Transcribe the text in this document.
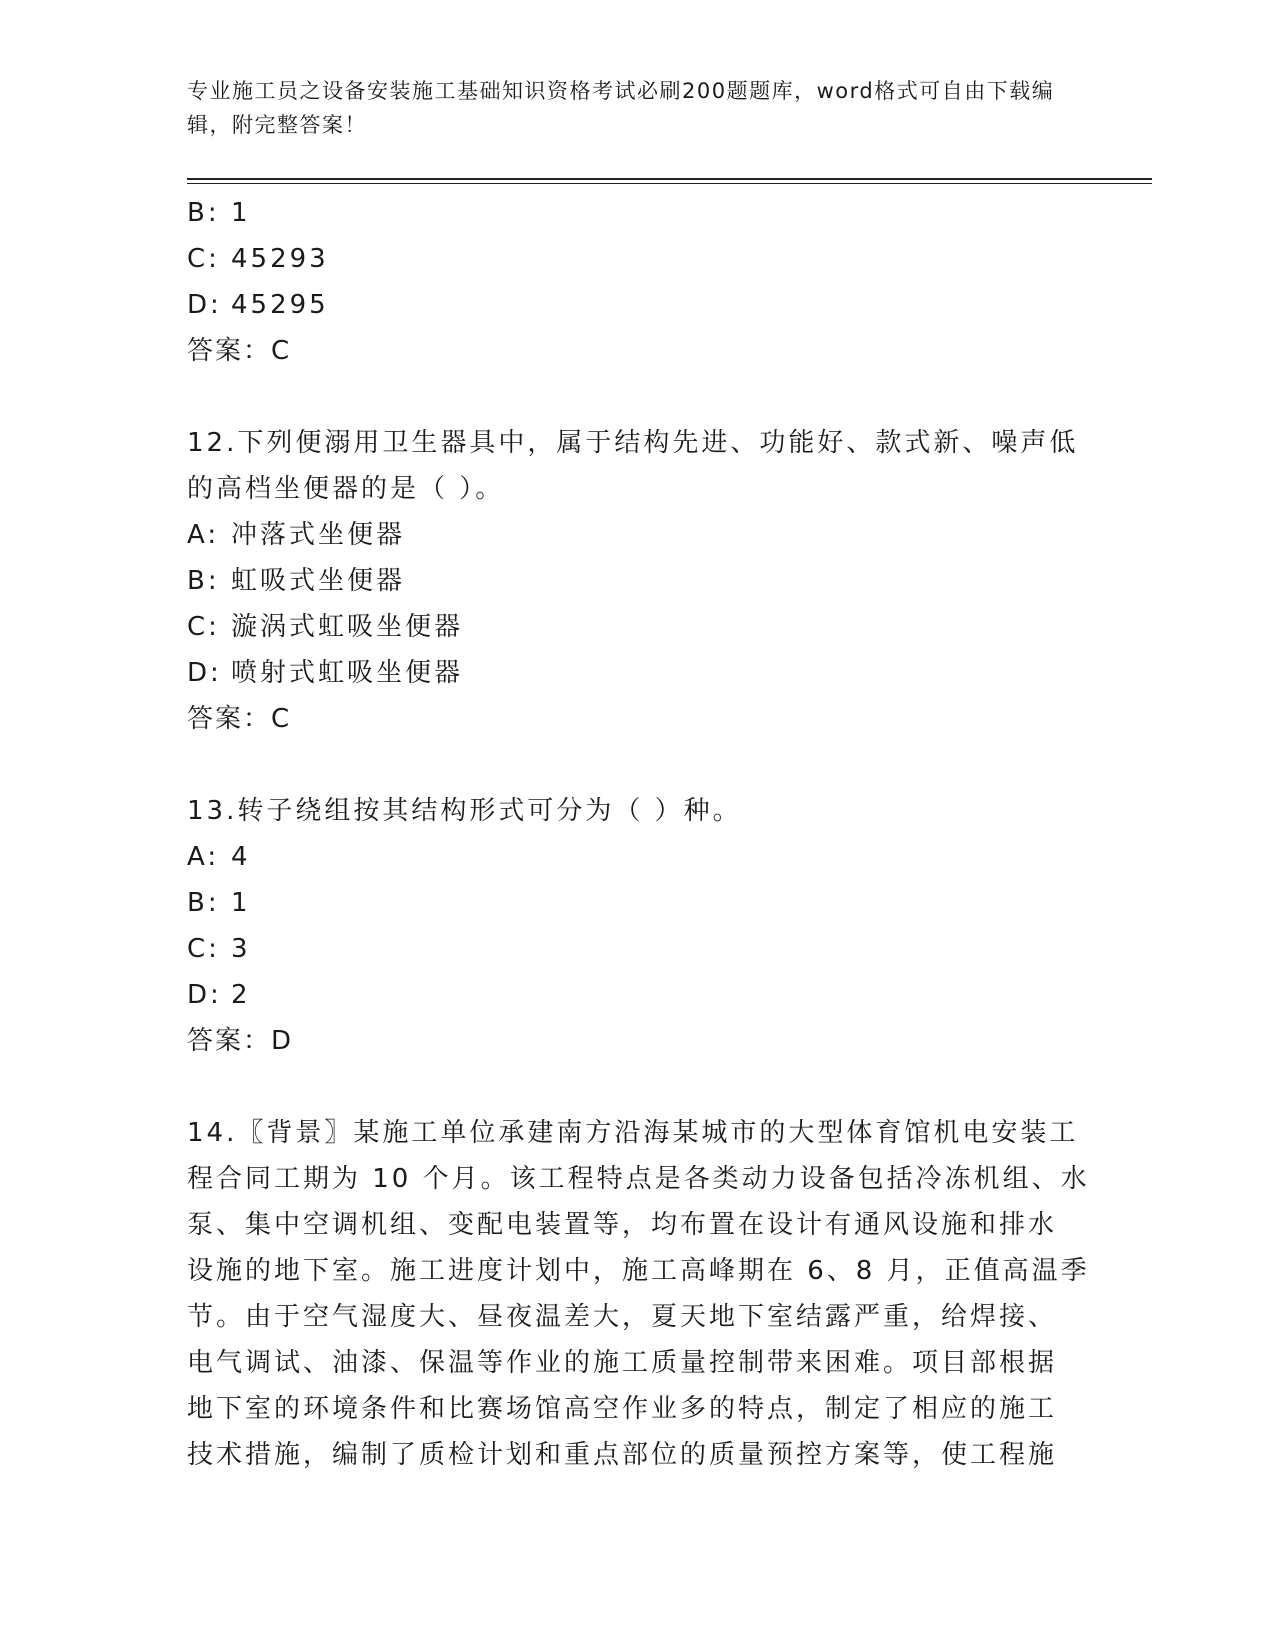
专业施工员之设备安装施工基础知识资格考试必刷200题题库，word格式可自由下载编辑，附完整答案！
B: 1
C: 45293
D: 45295
答案：C
12.下列便溺用卫生器具中，属于结构先进、功能好、款式新、噪声低
的高档坐便器的是（ ）。
A: 冲落式坐便器
B: 虹吸式坐便器
C: 漩涡式虹吸坐便器
D: 喷射式虹吸坐便器
答案：C
13.转子绕组按其结构形式可分为（ ）种。
A: 4
B: 1
C: 3
D: 2
答案：D
14.〖背景〗某施工单位承建南方沿海某城市的大型体育馆机电安装工
程合同工期为 10 个月。该工程特点是各类动力设备包括冷冻机组、水
泵、集中空调机组、变配电装置等，均布置在设计有通风设施和排水
设施的地下室。施工进度计划中，施工高峰期在 6、8 月，正值高温季
节。由于空气湿度大、昼夜温差大，夏天地下室结露严重，给焊接、
电气调试、油漆、保温等作业的施工质量控制带来困难。项目部根据
地下室的环境条件和比赛场馆高空作业多的特点，制定了相应的施工
技术措施，编制了质检计划和重点部位的质量预控方案等，使工程施
